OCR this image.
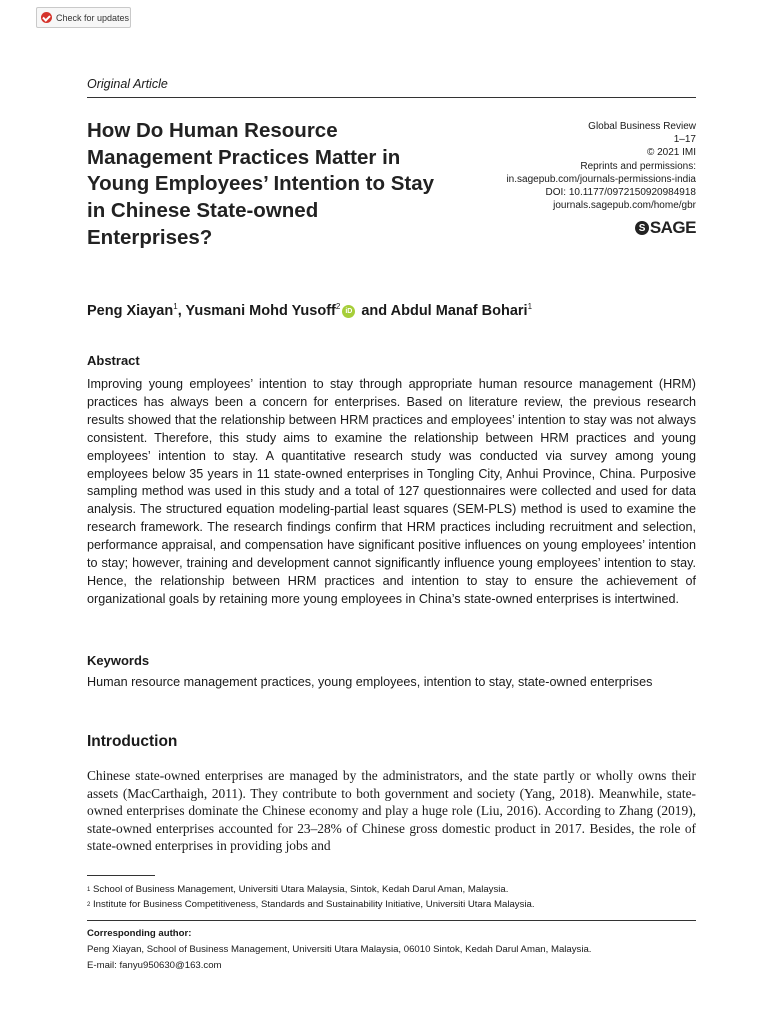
Check for updates
Original Article
How Do Human Resource Management Practices Matter in Young Employees’ Intention to Stay in Chinese State-owned Enterprises?
Global Business Review
1–17
© 2021 IMI
Reprints and permissions:
in.sagepub.com/journals-permissions-india
DOI: 10.1177/0972150920984918
journals.sagepub.com/home/gbr
S SAGE
Peng Xiayan$^1$, Yusmani Mohd Yusoff$^2$iD and Abdul Manaf Bohari$^1$
Abstract
Improving young employees’ intention to stay through appropriate human resource management (HRM) practices has always been a concern for enterprises. Based on literature review, the previous research results showed that the relationship between HRM practices and employees’ intention to stay was not always consistent. Therefore, this study aims to examine the relationship between HRM practices and young employees’ intention to stay. A quantitative research study was conducted via survey among young employees below 35 years in 11 state-owned enterprises in Tongling City, Anhui Province, China. Purposive sampling method was used in this study and a total of 127 questionnaires were collected and used for data analysis. The structured equation modeling-partial least squares (SEM-PLS) method is used to examine the research framework. The research findings confirm that HRM practices including recruitment and selection, performance appraisal, and compensation have significant positive influences on young employees’ intention to stay; however, training and development cannot significantly influence young employees’ intention to stay. Hence, the relationship between HRM practices and intention to stay to ensure the achievement of organizational goals by retaining more young employees in China’s state-owned enterprises is intertwined.
Keywords
Human resource management practices, young employees, intention to stay, state-owned enterprises
Introduction
Chinese state-owned enterprises are managed by the administrators, and the state partly or wholly owns their assets (MacCarthaigh, 2011). They contribute to both government and society (Yang, 2018). Meanwhile, state-owned enterprises dominate the Chinese economy and play a huge role (Liu, 2016). According to Zhang (2019), state-owned enterprises accounted for 23–28% of Chinese gross domestic product in 2017. Besides, the role of state-owned enterprises in providing jobs and
$^1$ School of Business Management, Universiti Utara Malaysia, Sintok, Kedah Darul Aman, Malaysia.
$^2$ Institute for Business Competitiveness, Standards and Sustainability Initiative, Universiti Utara Malaysia.
Corresponding author:
Peng Xiayan, School of Business Management, Universiti Utara Malaysia, 06010 Sintok, Kedah Darul Aman, Malaysia.
E-mail: fanyu950630@163.com
